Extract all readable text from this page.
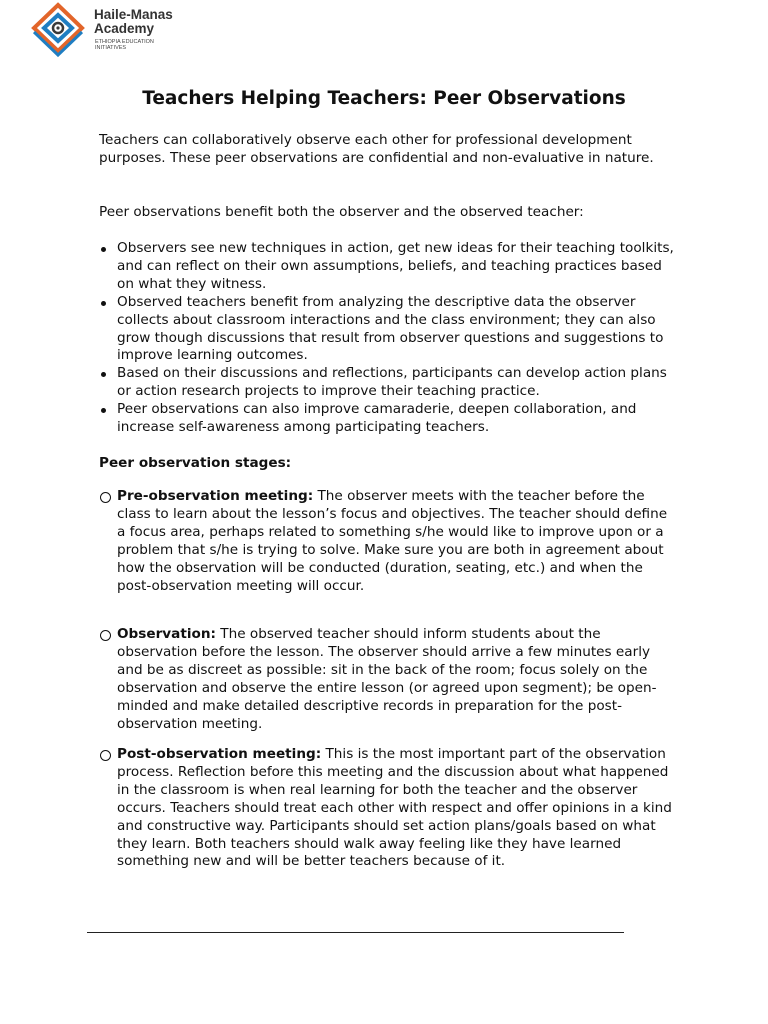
Haile-Manas
Academy
ETHIOPIA EDUCATION
INITIATIVES
Teachers Helping Teachers: Peer Observations

Teachers can collaboratively observe each other for professional development purposes. These peer observations are confidential and non-evaluative in nature.

Peer observations benefit both the observer and the observed teacher:

Observers see new techniques in action, get new ideas for their teaching toolkits, and can reflect on their own assumptions, beliefs, and teaching practices based on what they witness.
Observed teachers benefit from analyzing the descriptive data the observer collects about classroom interactions and the class environment; they can also grow though discussions that result from observer questions and suggestions to improve learning outcomes.
Based on their discussions and reflections, participants can develop action plans or action research projects to improve their teaching practice.
Peer observations can also improve camaraderie, deepen collaboration, and increase self-awareness among participating teachers.
Peer observation stages:
Pre-observation meeting: The observer meets with the teacher before the class to learn about the lesson’s focus and objectives. The teacher should define a focus area, perhaps related to something s/he would like to improve upon or a problem that s/he is trying to solve. Make sure you are both in agreement about how the observation will be conducted (duration, seating, etc.) and when the post-observation meeting will occur.
Observation: The observed teacher should inform students about the observation before the lesson. The observer should arrive a few minutes early and be as discreet as possible: sit in the back of the room; focus solely on the observation and observe the entire lesson (or agreed upon segment); be open-minded and make detailed descriptive records in preparation for the post-observation meeting.
Post-observation meeting: This is the most important part of the observation process. Reflection before this meeting and the discussion about what happened in the classroom is when real learning for both the teacher and the observer occurs. Teachers should treat each other with respect and offer opinions in a kind and constructive way. Participants should set action plans/goals based on what they learn. Both teachers should walk away feeling like they have learned something new and will be better teachers because of it.
